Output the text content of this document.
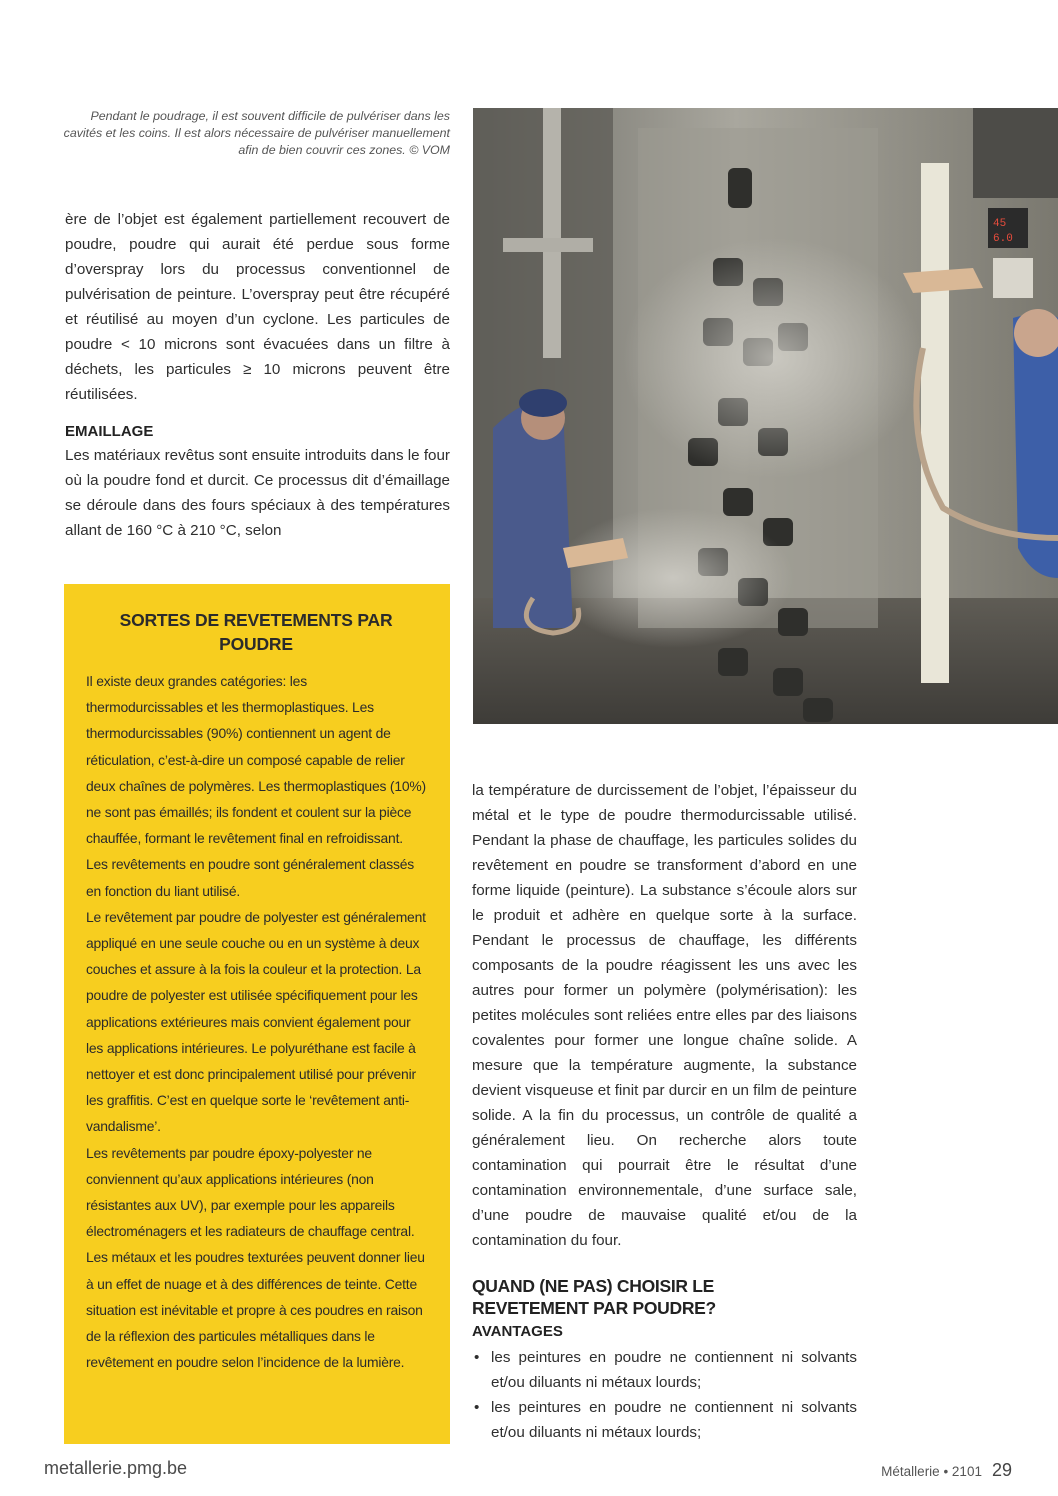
Pendant le poudrage, il est souvent difficile de pulvériser dans les cavités et les coins. Il est alors nécessaire de pulvériser manuellement afin de bien couvrir ces zones. © VOM

ère de l’objet est également partiellement recouvert de poudre, poudre qui aurait été perdue sous forme d’overspray lors du processus conventionnel de pulvérisation de peinture. L’overspray peut être récupéré et réutilisé au moyen d’un cyclone. Les particules de poudre < 10 microns sont évacuées dans un filtre à déchets, les particules ≥ 10 microns peuvent être réutilisées.

EMAILLAGE

Les matériaux revêtus sont ensuite introduits dans le four où la poudre fond et durcit. Ce processus dit d’émaillage se déroule dans des fours spéciaux à des températures allant de 160 °C à 210 °C, selon

SORTES DE REVETEMENTS PAR POUDRE

Il existe deux grandes catégories: les thermodurcissables et les thermoplastiques. Les thermodurcissables (90%) contiennent un agent de réticulation, c’est-à-dire un composé capable de relier deux chaînes de polymères. Les thermoplastiques (10%) ne sont pas émaillés; ils fondent et coulent sur la pièce chauffée, formant le revêtement final en refroidissant. Les revêtements en poudre sont généralement classés en fonction du liant utilisé.

Le revêtement par poudre de polyester est généralement appliqué en une seule couche ou en un système à deux couches et assure à la fois la couleur et la protection. La poudre de polyester est utilisée spécifiquement pour les applications extérieures mais convient également pour les applications intérieures. Le polyuréthane est facile à nettoyer et est donc principalement utilisé pour prévenir les graffitis. C’est en quelque sorte le ‘revêtement anti-vandalisme’.

Les revêtements par poudre époxy-polyester ne conviennent qu’aux applications intérieures (non résistantes aux UV), par exemple pour les appareils électroménagers et les radiateurs de chauffage central. Les métaux et les poudres texturées peuvent donner lieu à un effet de nuage et à des différences de teinte. Cette situation est inévitable et propre à ces poudres en raison de la réflexion des particules métalliques dans le revêtement en poudre selon l’incidence de la lumière.

45
6.0

la température de durcissement de l’objet, l’épaisseur du métal et le type de poudre thermodurcissable utilisé. Pendant la phase de chauffage, les particules solides du revêtement en poudre se transforment d’abord en une forme liquide (peinture). La substance s’écoule alors sur le produit et adhère en quelque sorte à la surface. Pendant le processus de chauffage, les différents composants de la poudre réagissent les uns avec les autres pour former un polymère (polymérisation): les petites molécules sont reliées entre elles par des liaisons covalentes pour former une longue chaîne solide. A mesure que la température augmente, la substance devient visqueuse et finit par durcir en un film de peinture solide. A la fin du processus, un contrôle de qualité a généralement lieu. On recherche alors toute contamination qui pourrait être le résultat d’une contamination environnementale, d’une surface sale, d’une poudre de mauvaise qualité et/ou de la contamination du four.

QUAND (NE PAS) CHOISIR LE
REVETEMENT PAR POUDRE?
AVANTAGES
• les peintures en poudre ne contiennent ni solvants et/ou diluants ni métaux lourds;
• les peintures en poudre ne contiennent ni solvants et/ou diluants ni métaux lourds;
metallerie.pmg.be	Métallerie • 2101 29
